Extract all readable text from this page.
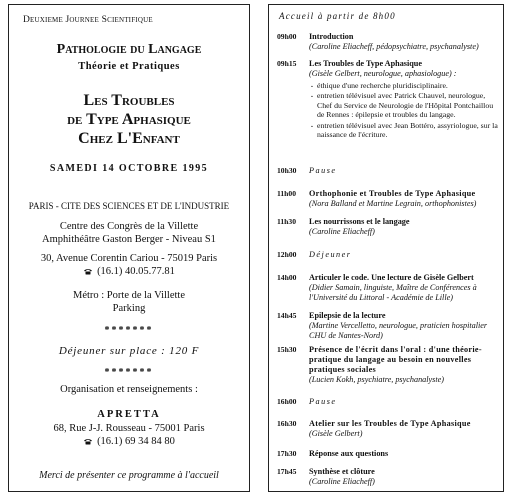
Deuxieme Journee Scientifique
Pathologie du Langage
Théorie et Pratiques
Les Troubles
de Type Aphasique
Chez L'Enfant
SAMEDI 14 OCTOBRE 1995
PARIS - CITE DES SCIENCES ET DE L'INDUSTRIE
Centre des Congrès de la Villette
Amphithéâtre Gaston Berger - Niveau S1
30, Avenue Corentin Cariou - 75019 Paris
(16.1) 40.05.77.81
Métro : Porte de la Villette
Parking
*******
Déjeuner sur place : 120 F
*******
Organisation et renseignements :
APRETTA
68, Rue J-J. Rousseau - 75001 Paris
(16.1) 69 34 84 80
Merci de présenter ce programme à l'accueil
Accueil à partir de 8h00
09h00	Introduction
(Caroline Eliacheff, pédopsychiatre, psychanalyste)
09h15	Les Troubles de Type Aphasique
(Gisèle Gelbert, neurologue, aphasiologue) :
. éthique d'une recherche pluridisciplinaire.
. entretien télévisuel avec Patrick Chauvel, neurologue, Chef du Service de Neurologie de l'Hôpital Pontchaillou de Rennes : épilepsie et troubles du langage.
. entretien télévisuel avec Jean Bottéro, assyriologue, sur la naissance de l'écriture.
10h30	Pause
11h00	Orthophonie et Troubles de Type Aphasique
(Nora Balland et Martine Legrain, orthophonistes)
11h30	Les nourrissons et le langage
(Caroline Eliacheff)
12h00	Déjeuner
14h00	Articuler le code. Une lecture de Gisèle Gelbert
(Didier Samain, linguiste, Maître de Conférences à l'Université du Littoral - Académie de Lille)
14h45	Epilepsie de la lecture
(Martine Vercelletto, neurologue, praticien hospitalier CHU de Nantes-Nord)
15h30	Présence de l'écrit dans l'oral : d'une théorie-pratique du langage au besoin en nouvelles pratiques sociales
(Lucien Kokh, psychiatre, psychanalyste)
16h00	Pause
16h30	Atelier sur les Troubles de Type Aphasique
(Gisèle Gelbert)
17h30	Réponse aux questions
17h45	Synthèse et clôture
(Caroline Eliacheff)
